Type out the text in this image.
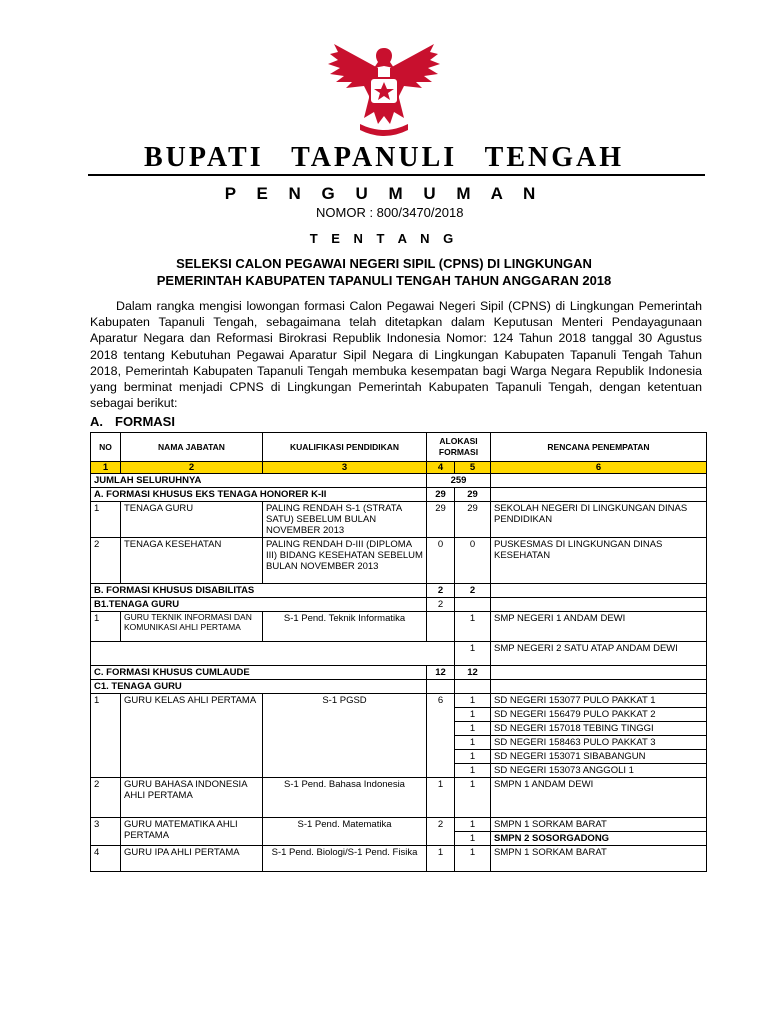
BUPATI TAPANULI TENGAH
P E N G U M U M A N
NOMOR : 800/3470/2018
T E N T A N G
SELEKSI CALON PEGAWAI NEGERI SIPIL (CPNS) DI LINGKUNGAN
PEMERINTAH KABUPATEN TAPANULI TENGAH TAHUN ANGGARAN 2018
Dalam rangka mengisi lowongan formasi Calon Pegawai Negeri Sipil (CPNS) di Lingkungan Pemerintah Kabupaten Tapanuli Tengah, sebagaimana telah ditetapkan dalam Keputusan Menteri Pendayagunaan Aparatur Negara dan Reformasi Birokrasi Republik Indonesia Nomor: 124 Tahun 2018 tanggal 30 Agustus 2018 tentang Kebutuhan Pegawai Aparatur Sipil Negara di Lingkungan Kabupaten Tapanuli Tengah Tahun 2018, Pemerintah Kabupaten Tapanuli Tengah membuka kesempatan bagi Warga Negara Republik Indonesia yang berminat menjadi CPNS di Lingkungan Pemerintah Kabupaten Tapanuli Tengah, dengan ketentuan sebagai berikut:
A. FORMASI
NO	NAMA JABATAN	KUALIFIKASI PENDIDIKAN	ALOKASI FORMASI		RENCANA PENEMPATAN
1	2	3	4	5	6
JUMLAH SELURUHNYA			259		
A. FORMASI KHUSUS EKS TENAGA HONORER K-II			29	29	
1	TENAGA GURU	PALING RENDAH S-1 (STRATA SATU) SEBELUM BULAN NOVEMBER 2013	29	29	SEKOLAH NEGERI DI LINGKUNGAN DINAS PENDIDIKAN
2	TENAGA KESEHATAN	PALING RENDAH D-III (DIPLOMA III) BIDANG KESEHATAN SEBELUM BULAN NOVEMBER 2013	0	0	PUSKESMAS DI LINGKUNGAN DINAS KESEHATAN
B. FORMASI KHUSUS DISABILITAS			2	2	
B1.TENAGA GURU			2		
1	GURU TEKNIK INFORMASI DAN KOMUNIKASI AHLI PERTAMA	S-1 Pend. Teknik Informatika		1	SMP NEGERI 1 ANDAM DEWI
				1	SMP NEGERI 2 SATU ATAP ANDAM DEWI
C. FORMASI KHUSUS CUMLAUDE			12	12	
C1. TENAGA GURU					
1	GURU KELAS AHLI PERTAMA	S-1 PGSD	6	1	SD NEGERI 153077 PULO PAKKAT 1
				1	SD NEGERI 156479 PULO PAKKAT 2
				1	SD NEGERI 157018 TEBING TINGGI
				1	SD NEGERI 158463 PULO PAKKAT 3
				1	SD NEGERI 153071 SIBABANGUN
				1	SD NEGERI 153073 ANGGOLI 1
2	GURU BAHASA INDONESIA AHLI PERTAMA	S-1 Pend. Bahasa Indonesia	1	1	SMPN 1 ANDAM DEWI
3	GURU MATEMATIKA AHLI PERTAMA	S-1 Pend. Matematika	2	1	SMPN 1 SORKAM BARAT
				1	SMPN 2 SOSORGADONG
4	GURU IPA AHLI PERTAMA	S-1 Pend. Biologi/S-1 Pend. Fisika	1	1	SMPN 1 SORKAM BARAT
